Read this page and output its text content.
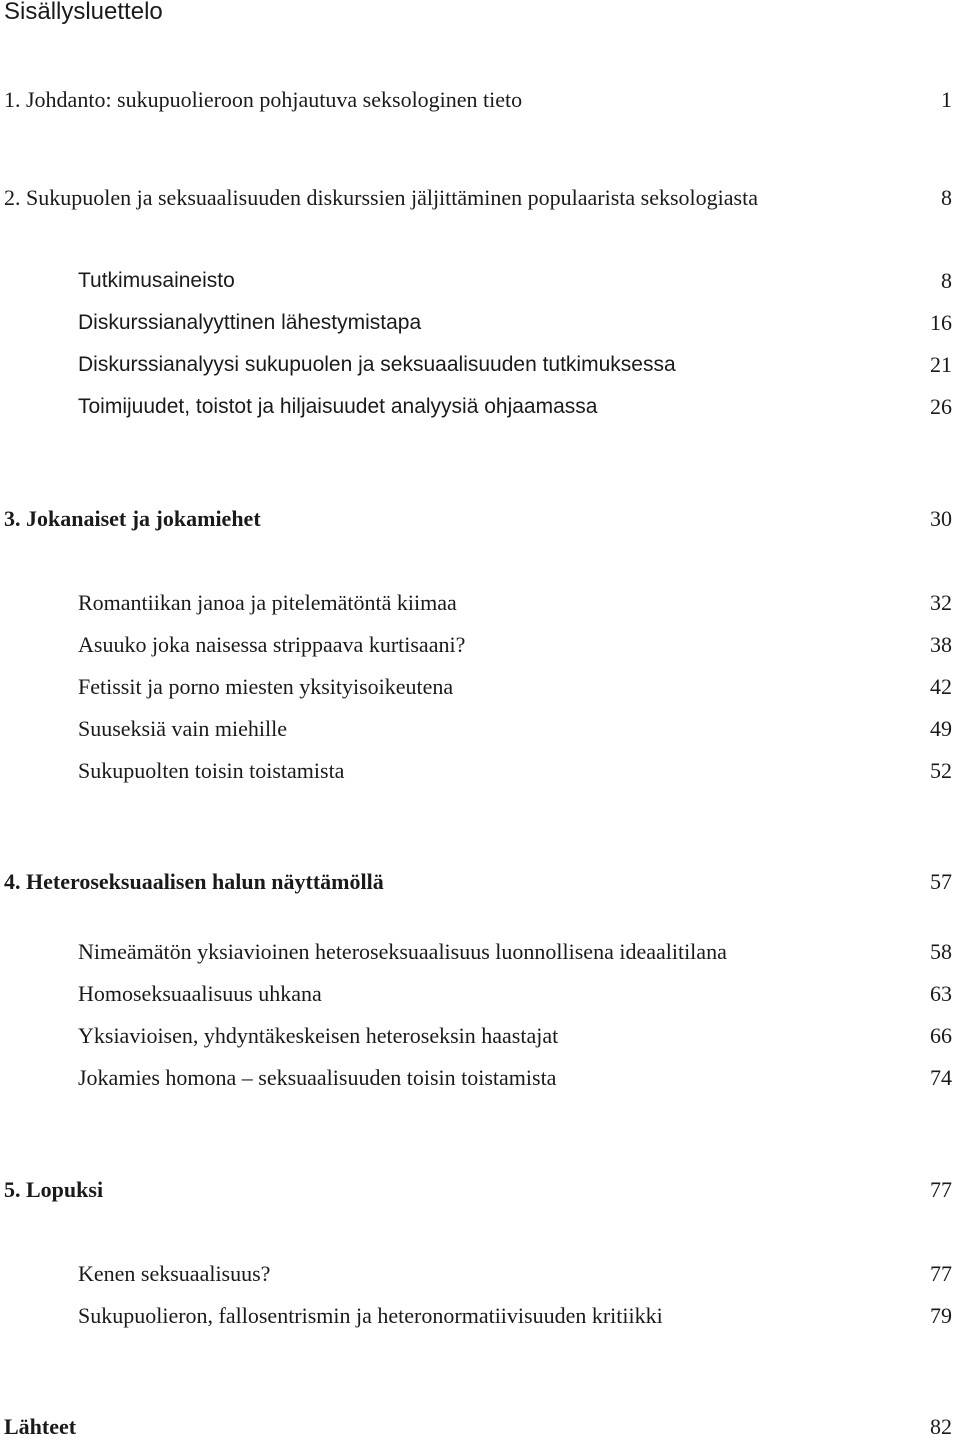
Sisällysluettelo
1. Johdanto: sukupuolieroon pohjautuva seksologinen tieto	1
2. Sukupuolen ja seksuaalisuuden diskurssien jäljittäminen populaarista seksologiasta	8
Tutkimusaineisto	8
Diskurssianalyyttinen lähestymistapa	16
Diskurssianalyysi sukupuolen ja seksuaalisuuden tutkimuksessa	21
Toimijuudet, toistot ja hiljaisuudet analyysiä ohjaamassa	26
3. Jokanaiset ja jokamiehet	30
Romantiikan janoa ja pitelemätöntä kiimaa	32
Asuuko joka naisessa strippaava kurtisaani?	38
Fetissit ja porno miesten yksityisoikeutena	42
Suuseksiä vain miehille	49
Sukupuolten toisin toistamista	52
4. Heteroseksuaalisen halun näyttämöllä	57
Nimeämätön yksiavioinen heteroseksuaalisuus luonnollisena ideaalitilana	58
Homoseksuaalisuus uhkana	63
Yksiavioisen, yhdyntäkeskeisen heteroseksin haastajat	66
Jokamies homona – seksuaalisuuden toisin toistamista	74
5. Lopuksi	77
Kenen seksuaalisuus?	77
Sukupuolieron, fallosentrismin ja heteronormatiivisuuden kritiikki	79
Lähteet	82
